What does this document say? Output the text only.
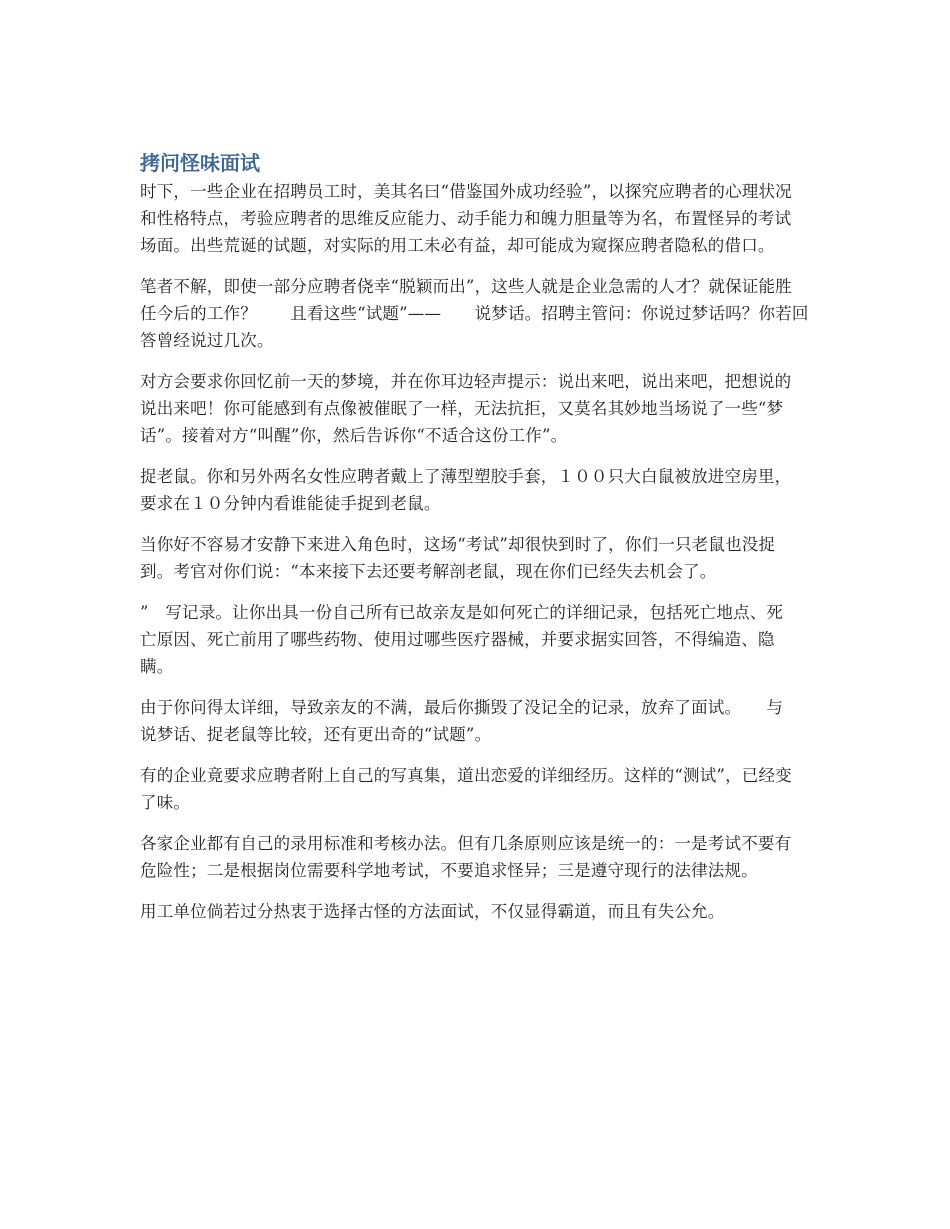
拷问怪味面试

时下，一些企业在招聘员工时，美其名曰“借鉴国外成功经验”，以探究应聘者的心理状况
和性格特点，考验应聘者的思维反应能力、动手能力和魄力胆量等为名，布置怪异的考试
场面。出些荒诞的试题，对实际的用工未必有益，却可能成为窥探应聘者隐私的借口。

笔者不解，即使一部分应聘者侥幸“脱颖而出”，这些人就是企业急需的人才？就保证能胜
任今后的工作？　　且看这些“试题”——　　说梦话。招聘主管问：你说过梦话吗？你若回
答曾经说过几次。

对方会要求你回忆前一天的梦境，并在你耳边轻声提示：说出来吧，说出来吧，把想说的
说出来吧！你可能感到有点像被催眠了一样，无法抗拒，又莫名其妙地当场说了一些“梦
话”。接着对方“叫醒”你，然后告诉你“不适合这份工作”。

捉老鼠。你和另外两名女性应聘者戴上了薄型塑胶手套，１００只大白鼠被放进空房里，
要求在１０分钟内看谁能徒手捉到老鼠。

当你好不容易才安静下来进入角色时，这场“考试”却很快到时了，你们一只老鼠也没捉
到。考官对你们说：“本来接下去还要考解剖老鼠，现在你们已经失去机会了。

”　写记录。让你出具一份自己所有已故亲友是如何死亡的详细记录，包括死亡地点、死
亡原因、死亡前用了哪些药物、使用过哪些医疗器械，并要求据实回答，不得编造、隐
瞒。

由于你问得太详细，导致亲友的不满，最后你撕毁了没记全的记录，放弃了面试。　　与
说梦话、捉老鼠等比较，还有更出奇的“试题”。

有的企业竟要求应聘者附上自己的写真集，道出恋爱的详细经历。这样的“测试”，已经变
了味。

各家企业都有自己的录用标准和考核办法。但有几条原则应该是统一的：一是考试不要有
危险性；二是根据岗位需要科学地考试，不要追求怪异；三是遵守现行的法律法规。

用工单位倘若过分热衷于选择古怪的方法面试，不仅显得霸道，而且有失公允。
